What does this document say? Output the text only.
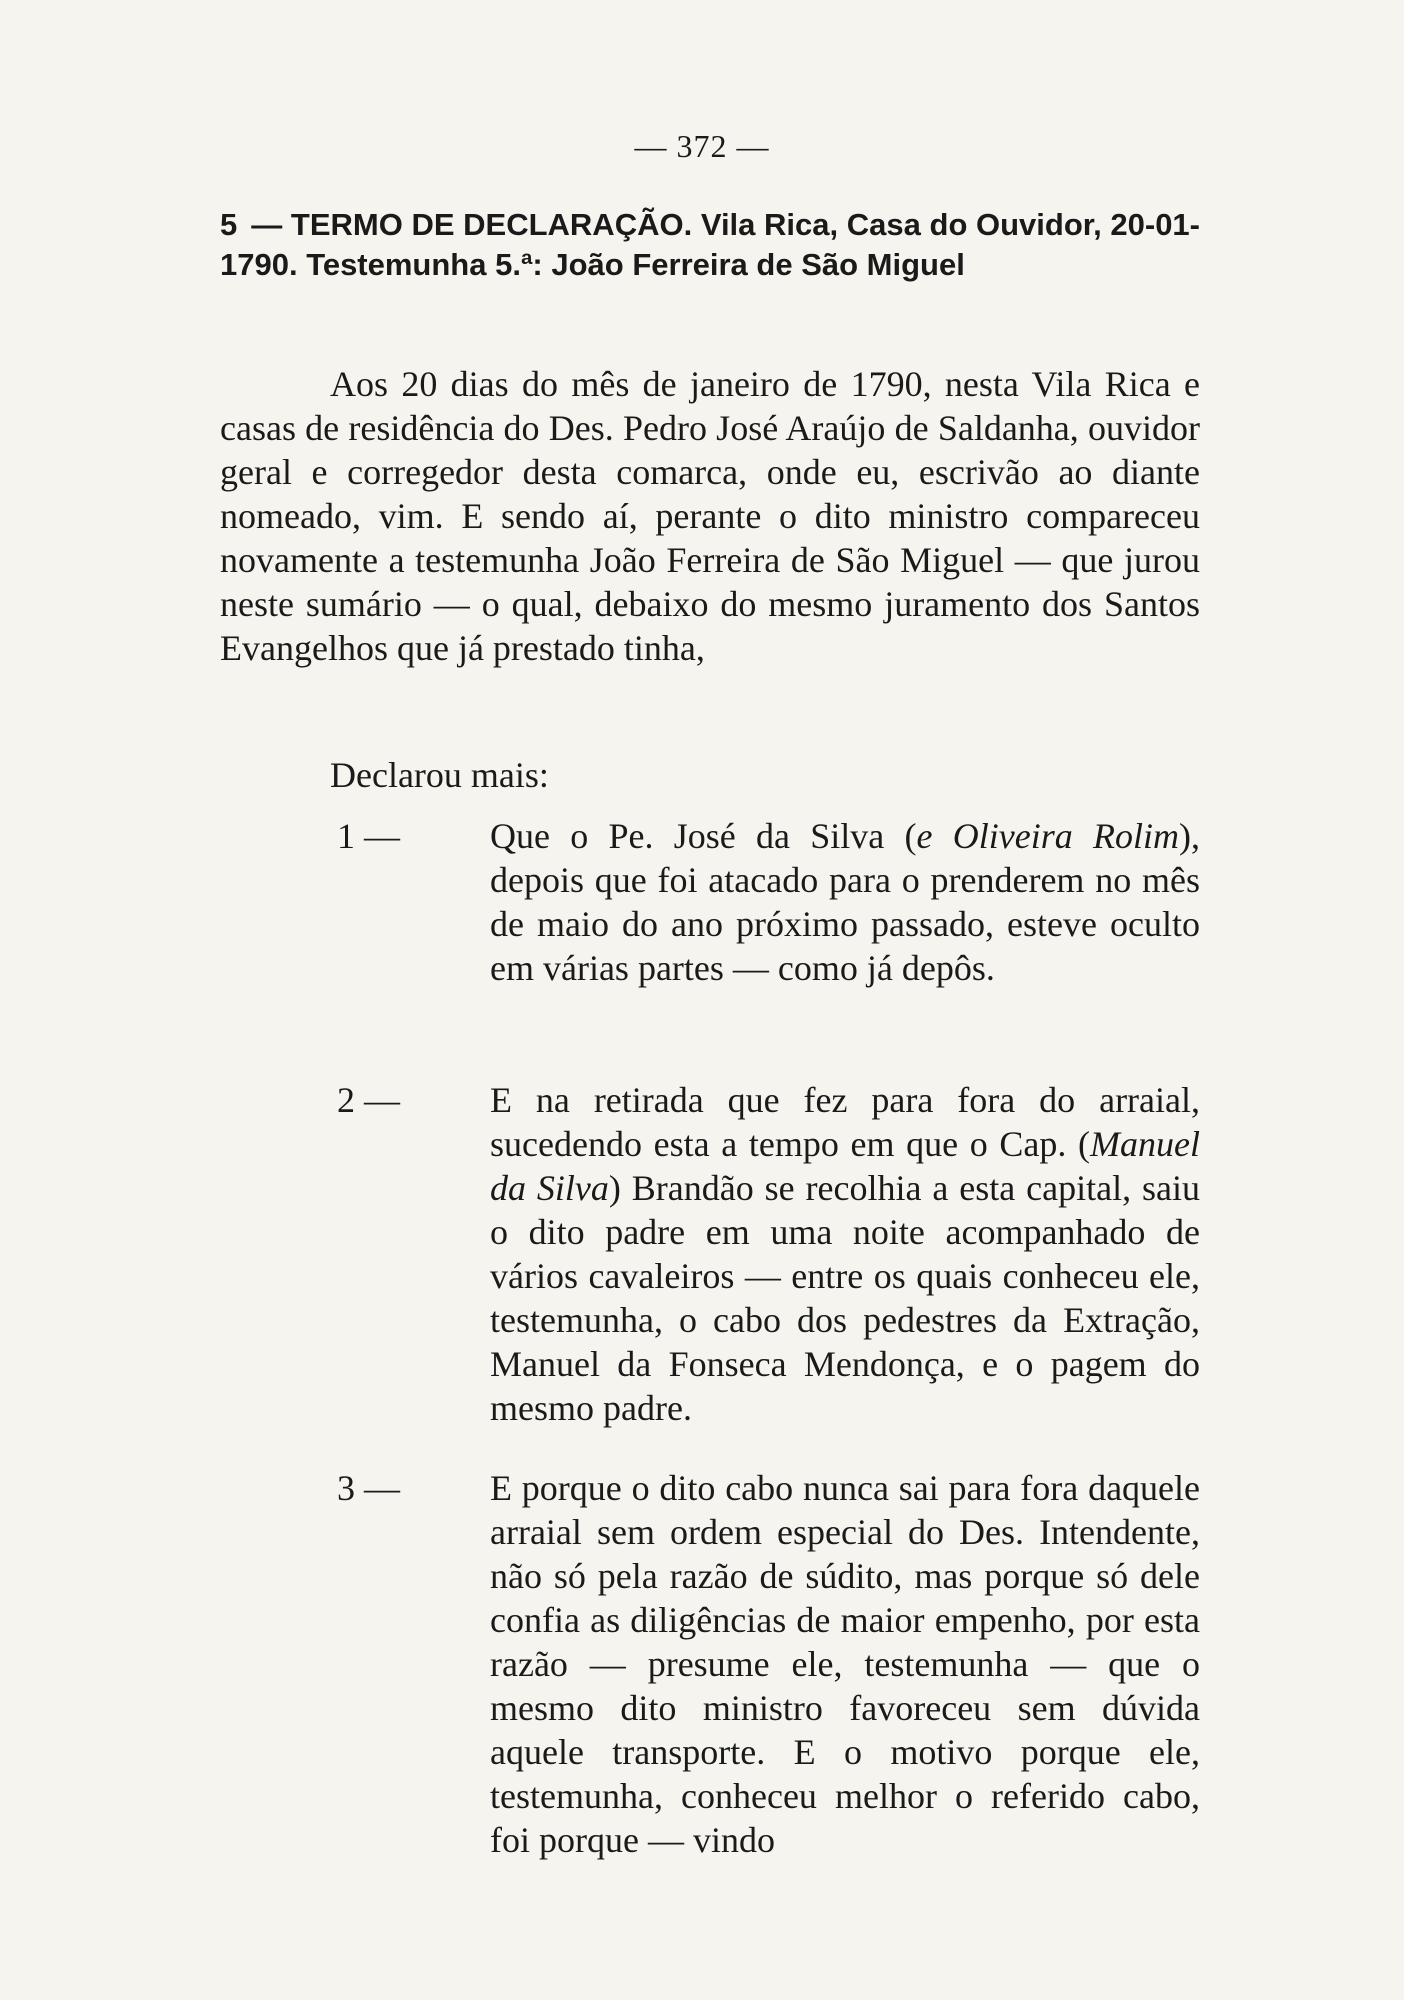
— 372 —
5 — TERMO DE DECLARAÇÃO. Vila Rica, Casa do Ouvidor, 20-01-1790. Testemunha 5.ª: João Ferreira de São Miguel

Aos 20 dias do mês de janeiro de 1790, nesta Vila Rica e casas de residência do Des. Pedro José Araújo de Saldanha, ouvidor geral e corregedor desta comarca, onde eu, escrivão ao diante nomeado, vim. E sendo aí, perante o dito ministro compareceu novamente a testemunha João Ferreira de São Miguel — que jurou neste sumário — o qual, debaixo do mesmo juramento dos Santos Evangelhos que já prestado tinha,

Declarou mais:
1 —	Que o Pe. José da Silva (e Oliveira Rolim), depois que foi atacado para o prenderem no mês de maio do ano próximo passado, esteve oculto em várias partes — como já depôs.
2 —	E na retirada que fez para fora do arraial, sucedendo esta a tempo em que o Cap. (Manuel da Silva) Brandão se recolhia a esta capital, saiu o dito padre em uma noite acompanhado de vários cavaleiros — entre os quais conheceu ele, testemunha, o cabo dos pedestres da Extração, Manuel da Fonseca Mendonça, e o pagem do mesmo padre.
3 —	E porque o dito cabo nunca sai para fora daquele arraial sem ordem especial do Des. Intendente, não só pela razão de súdito, mas porque só dele confia as diligências de maior empenho, por esta razão — presume ele, testemunha — que o mesmo dito ministro favoreceu sem dúvida aquele transporte. E o motivo porque ele, testemunha, conheceu melhor o referido cabo, foi porque — vindo
